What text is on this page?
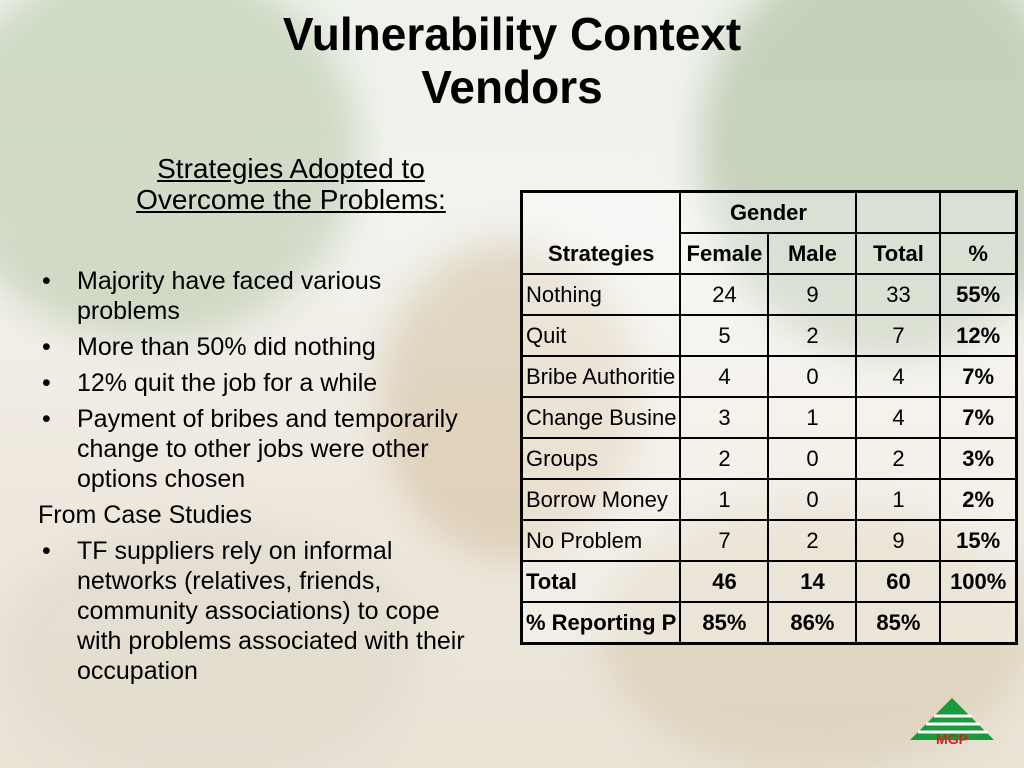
Vulnerability Context
Vendors
Strategies Adopted to
Overcome the Problems:
• Majority have faced various problems
• More than 50% did nothing
• 12% quit the job for a while
• Payment of bribes and temporarily change to other jobs were other options chosen
From Case Studies
• TF suppliers rely on informal networks (relatives, friends, community associations) to cope with problems associated with their occupation
Strategies	Gender			
	Female	Male	Total	%

Nothing	24	9	33	55%

Quit	5	2	7	12%

Bribe Authoritie	4	0	4	7%

Change Busine	3	1	4	7%

Groups	2	0	2	3%

Borrow Money	1	0	1	2%

No Problem	7	2	9	15%
Total	46	14	60	100%

% Reporting P	85%	86%	85%	
MGP
